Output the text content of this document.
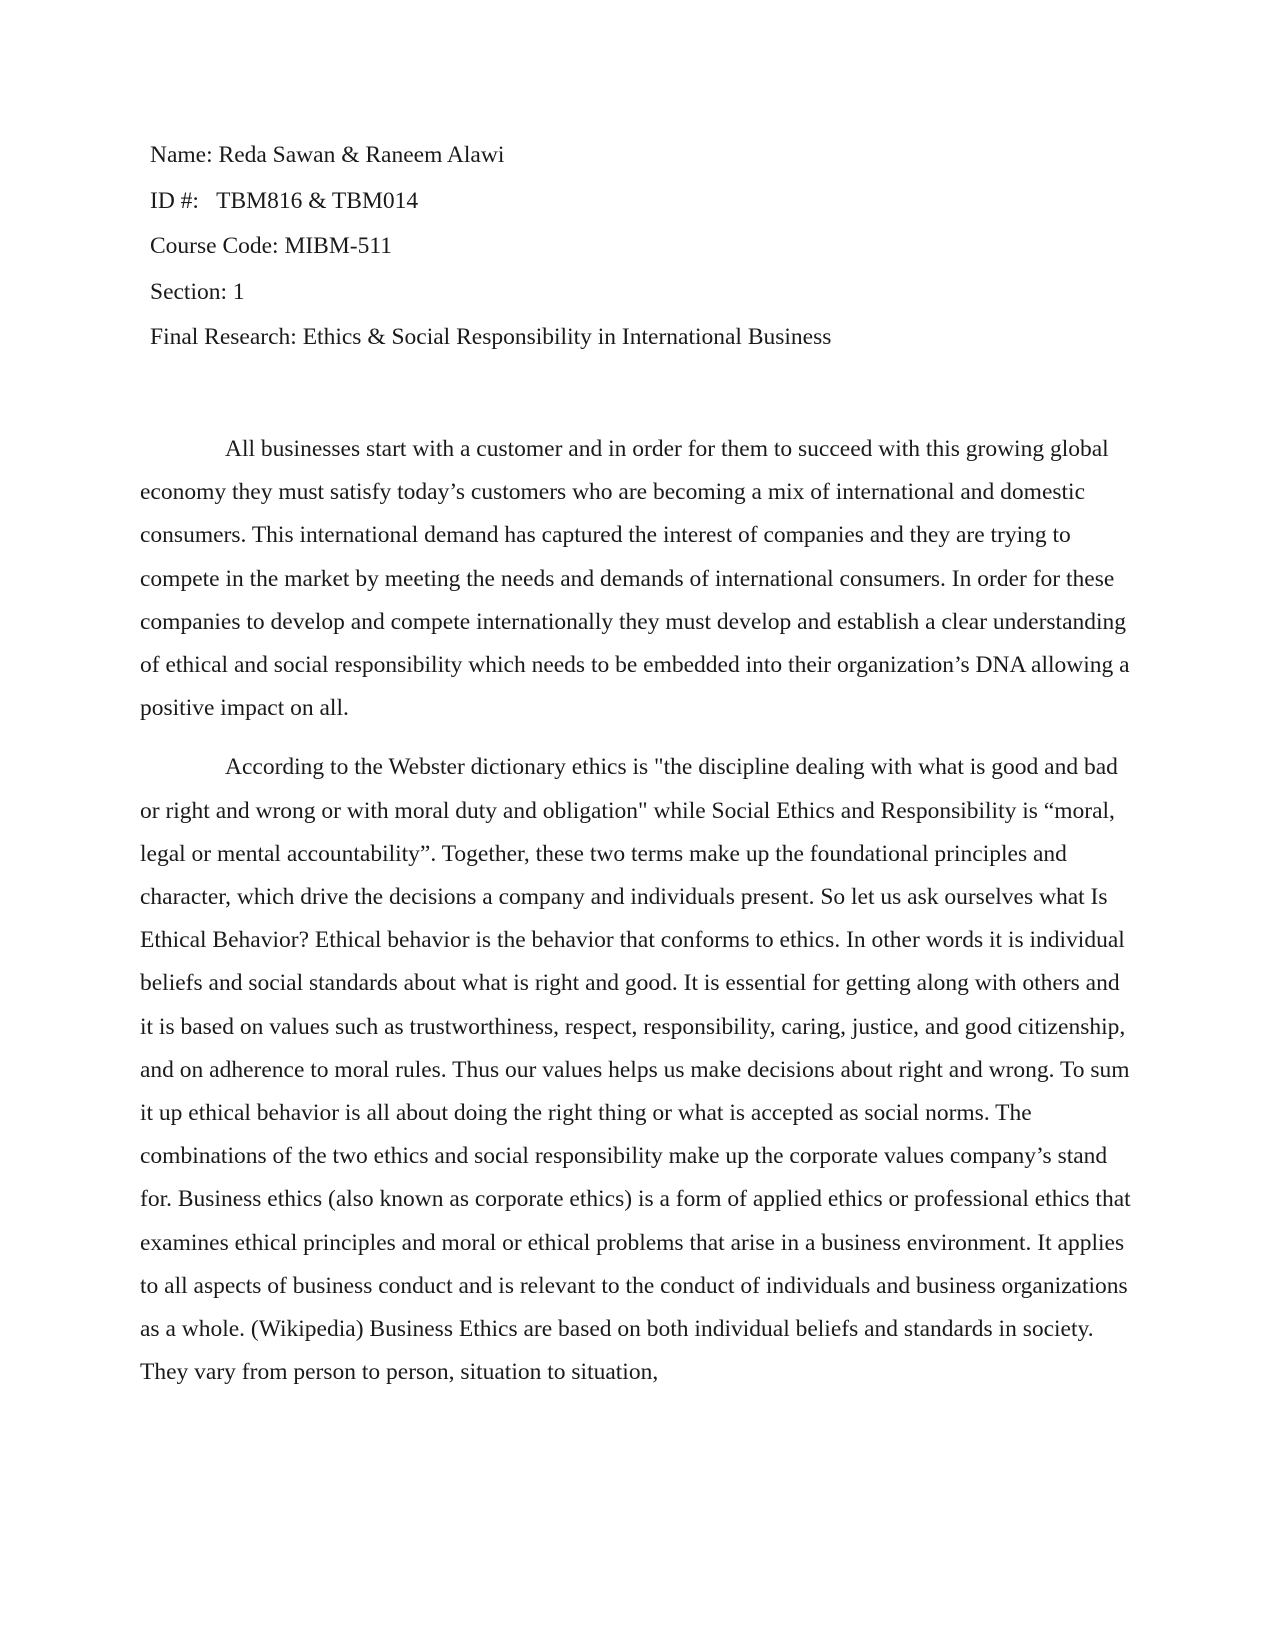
Name: Reda Sawan & Raneem Alawi
ID #:   TBM816 & TBM014
Course Code: MIBM-511
Section: 1
Final Research: Ethics & Social Responsibility in International Business

All businesses start with a customer and in order for them to succeed with this growing global economy they must satisfy today’s customers who are becoming a mix of international and domestic consumers. This international demand has captured the interest of companies and they are trying to compete in the market by meeting the needs and demands of international consumers. In order for these companies to develop and compete internationally they must develop and establish a clear understanding of ethical and social responsibility which needs to be embedded into their organization’s DNA allowing a positive impact on all.

According to the Webster dictionary ethics is "the discipline dealing with what is good and bad or right and wrong or with moral duty and obligation" while Social Ethics and Responsibility is “moral, legal or mental accountability”. Together, these two terms make up the foundational principles and character, which drive the decisions a company and individuals present. So let us ask ourselves what Is Ethical Behavior? Ethical behavior is the behavior that conforms to ethics. In other words it is individual beliefs and social standards about what is right and good. It is essential for getting along with others and it is based on values such as trustworthiness, respect, responsibility, caring, justice, and good citizenship, and on adherence to moral rules. Thus our values helps us make decisions about right and wrong. To sum it up ethical behavior is all about doing the right thing or what is accepted as social norms. The combinations of the two ethics and social responsibility make up the corporate values company’s stand for. Business ethics (also known as corporate ethics) is a form of applied ethics or professional ethics that examines ethical principles and moral or ethical problems that arise in a business environment. It applies to all aspects of business conduct and is relevant to the conduct of individuals and business organizations as a whole. (Wikipedia) Business Ethics are based on both individual beliefs and standards in society. They vary from person to person, situation to situation,
